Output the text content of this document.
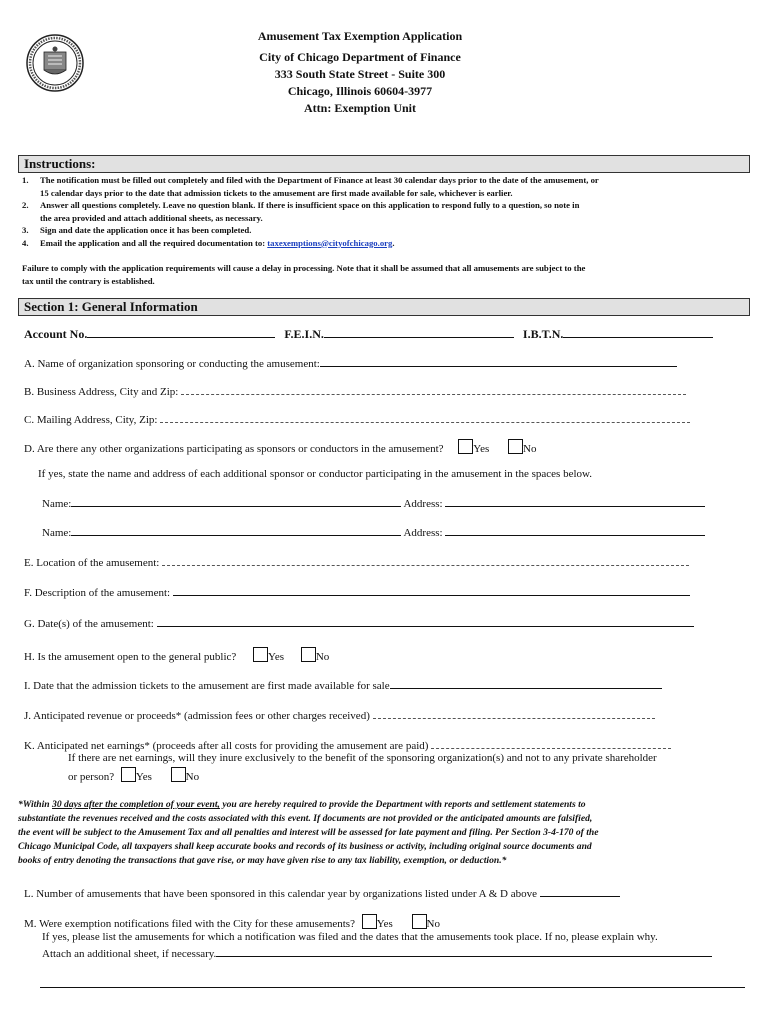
Amusement Tax Exemption Application
City of Chicago Department of Finance
333 South State Street - Suite 300
Chicago, Illinois 60604-3977
Attn: Exemption Unit
Instructions:
1. The notification must be filled out completely and filed with the Department of Finance at least 30 calendar days prior to the date of the amusement, or
15 calendar days prior to the date that admission tickets to the amusement are first made available for sale, whichever is earlier.
2. Answer all questions completely. Leave no question blank. If there is insufficient space on this application to respond fully to a question, so note in
the area provided and attach additional sheets, as necessary.
3. Sign and date the application once it has been completed.
4. Email the application and all the required documentation to: taxexemptions@cityofchicago.org.
Failure to comply with the application requirements will cause a delay in processing. Note that it shall be assumed that all amusements are subject to the
tax until the contrary is established.
Section 1: General Information
Account No.	F.E.I.N.	I.B.T.N.
A. Name of organization sponsoring or conducting the amusement:
B. Business Address, City and Zip:
C. Mailing Address, City, Zip:
D. Are there any other organizations participating as sponsors or conductors in the amusement?	Yes	No
If yes, state the name and address of each additional sponsor or conductor participating in the amusement in the spaces below.
Name:	Address:
Name:	Address:
E. Location of the amusement:
F. Description of the amusement:
G. Date(s) of the amusement:
H. Is the amusement open to the general public?	Yes	No
I. Date that the admission tickets to the amusement are first made available for sale
J. Anticipated revenue or proceeds* (admission fees or other charges received)
K. Anticipated net earnings* (proceeds after all costs for providing the amusement are paid)
If there are net earnings, will they inure exclusively to the benefit of the sponsoring organization(s) and not to any private shareholder
or person? Yes	No
*Within 30 days after the completion of your event, you are hereby required to provide the Department with reports and settlement statements to
substantiate the revenues received and the costs associated with this event. If documents are not provided or the anticipated amounts are falsified,
the event will be subject to the Amusement Tax and all penalties and interest will be assessed for late payment and filing. Per Section 3-4-170 of the
Chicago Municipal Code, all taxpayers shall keep accurate books and records of its business or activity, including original source documents and
books of entry denoting the transactions that gave rise, or may have given rise to any tax liability, exemption, or deduction.*
L. Number of amusements that have been sponsored in this calendar year by organizations listed under A & D above
M. Were exemption notifications filed with the City for these amusements? Yes	No
If yes, please list the amusements for which a notification was filed and the dates that the amusements took place. If no, please explain why.
Attach an additional sheet, if necessary.
